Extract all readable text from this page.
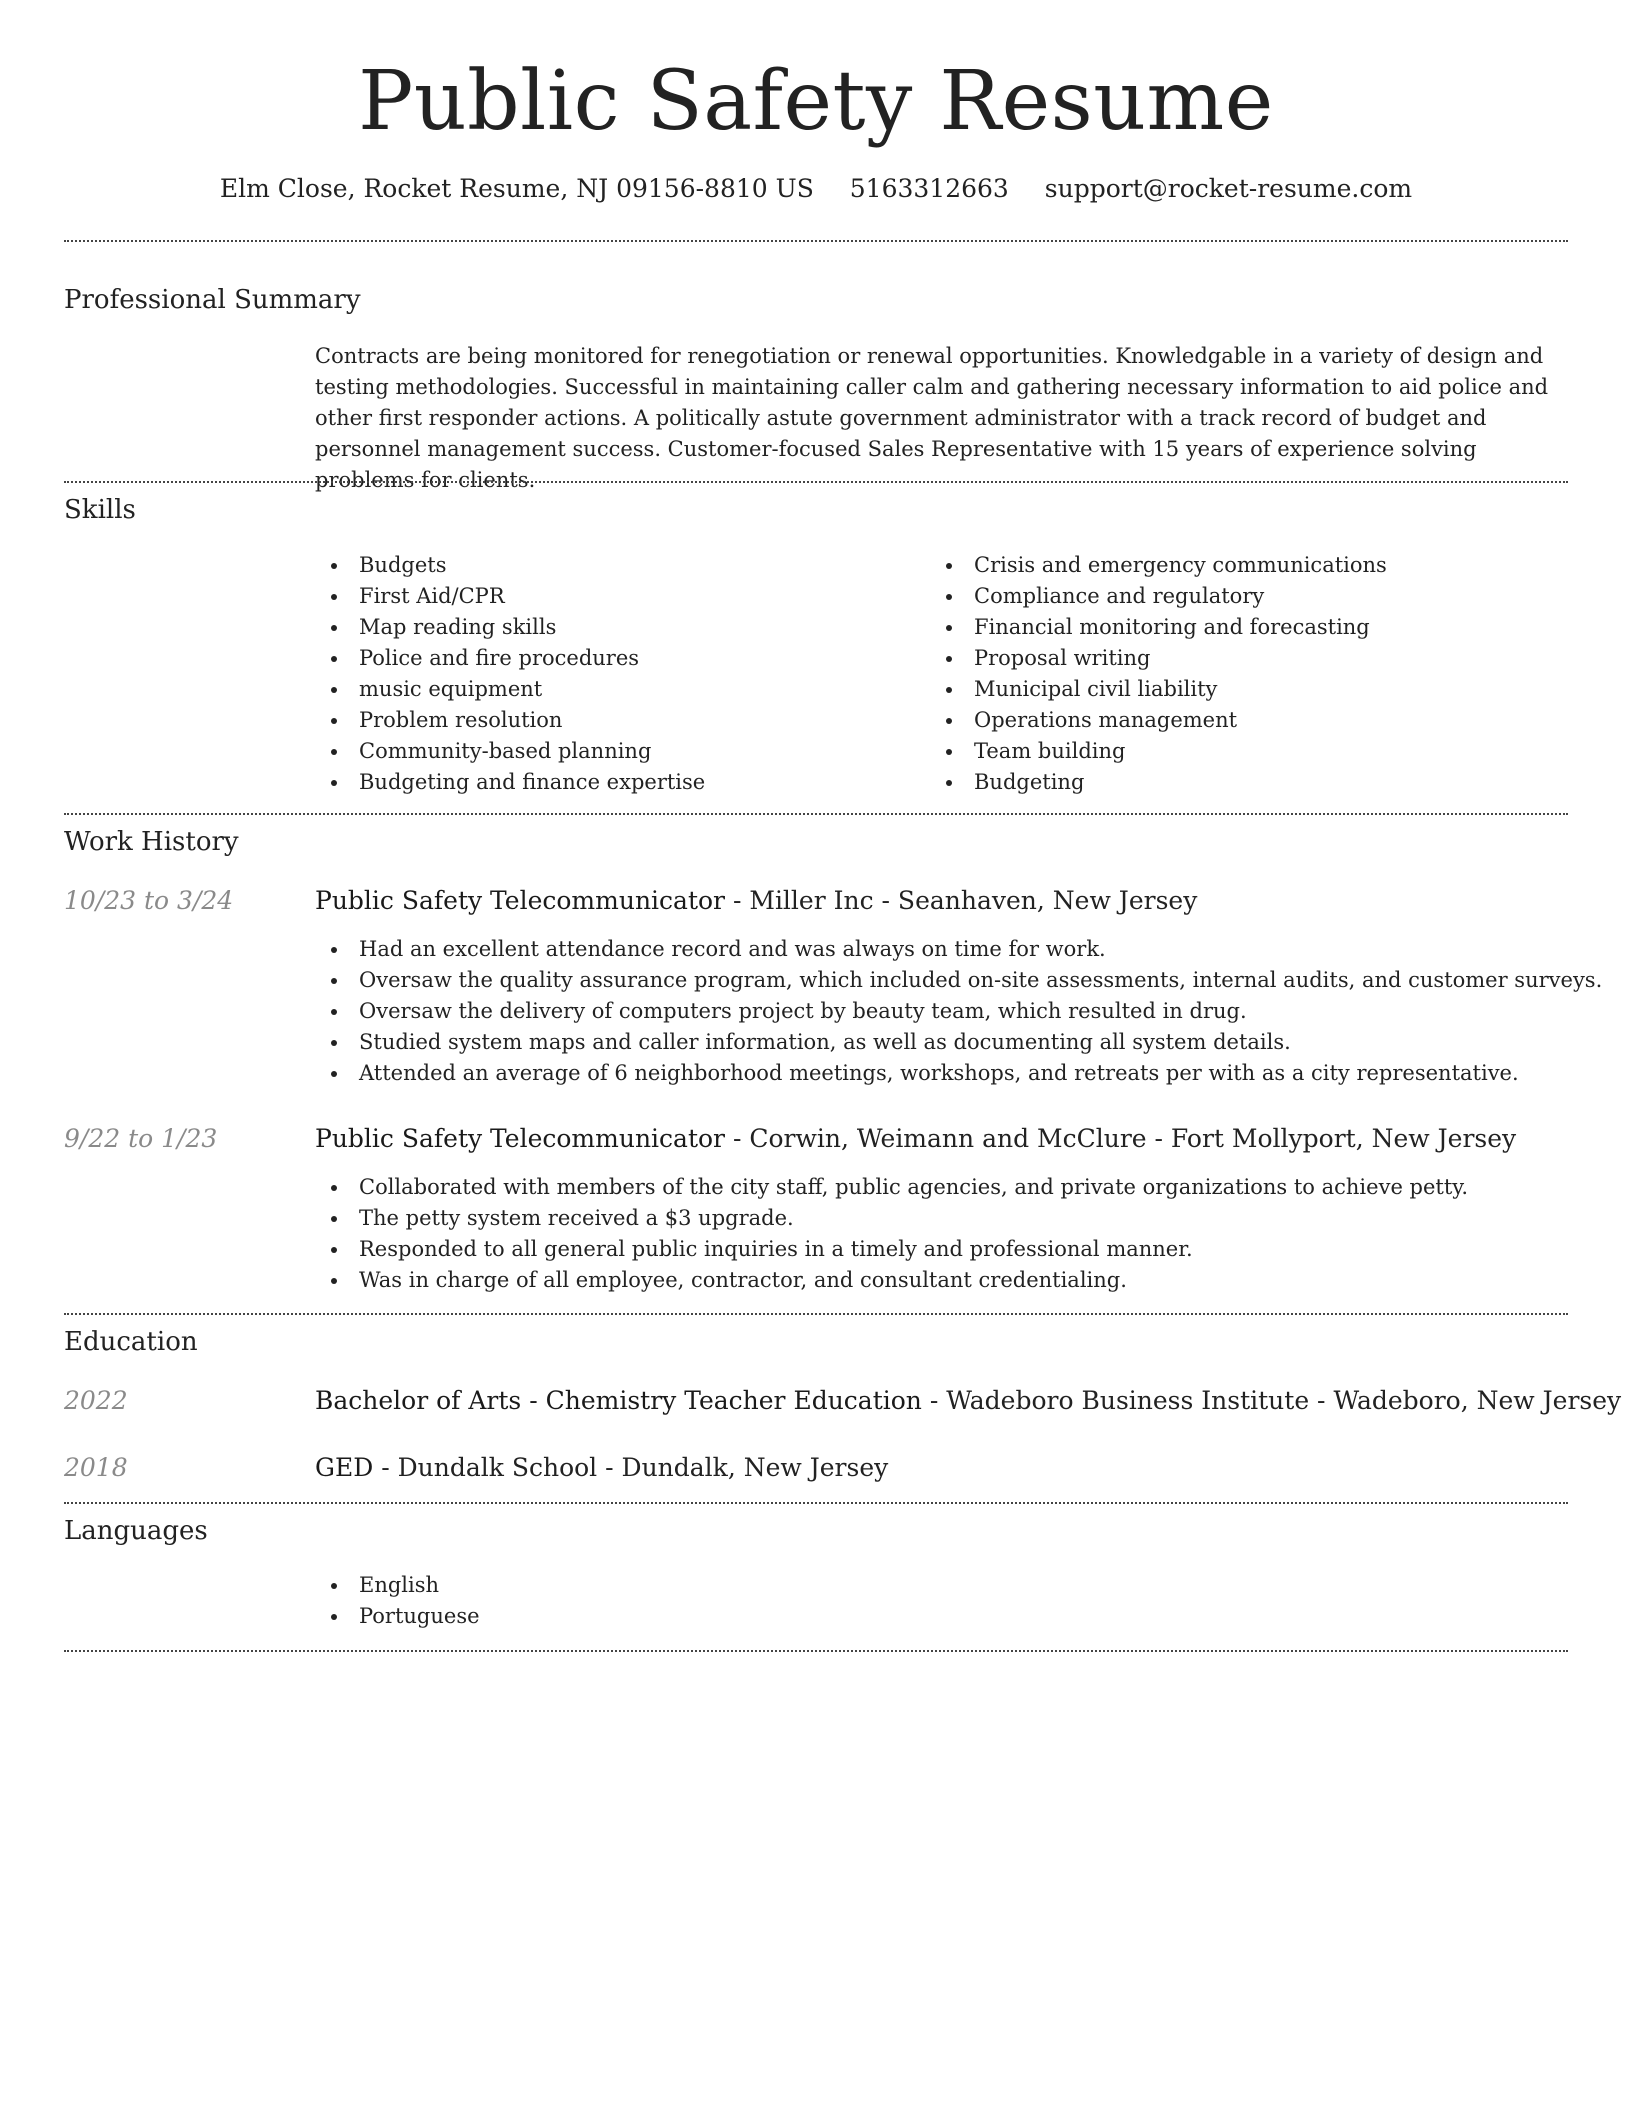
Public Safety Resume
Elm Close, Rocket Resume, NJ 09156-8810 US 5163312663 support@rocket-resume.com
Professional Summary

Contracts are being monitored for renegotiation or renewal opportunities. Knowledgable in a variety of design and testing methodologies. Successful in maintaining caller calm and gathering necessary information to aid police and other first responder actions. A politically astute government administrator with a track record of budget and personnel management success. Customer-focused Sales Representative with 15 years of experience solving problems for clients.

Skills
Budgets
First Aid/CPR
Map reading skills
Police and fire procedures
music equipment
Problem resolution
Community-based planning
Budgeting and finance expertise
Crisis and emergency communications
Compliance and regulatory
Financial monitoring and forecasting
Proposal writing
Municipal civil liability
Operations management
Team building
Budgeting
Work History
10/23 to 3/24	Public Safety Telecommunicator - Miller Inc - Seanhaven, New Jersey
Had an excellent attendance record and was always on time for work.
Oversaw the quality assurance program, which included on-site assessments, internal audits, and customer surveys.
Oversaw the delivery of computers project by beauty team, which resulted in drug.
Studied system maps and caller information, as well as documenting all system details.
Attended an average of 6 neighborhood meetings, workshops, and retreats per with as a city representative.
9/22 to 1/23	Public Safety Telecommunicator - Corwin, Weimann and McClure - Fort Mollyport, New Jersey
Collaborated with members of the city staff, public agencies, and private organizations to achieve petty.
The petty system received a $3 upgrade.
Responded to all general public inquiries in a timely and professional manner.
Was in charge of all employee, contractor, and consultant credentialing.
Education
2022	Bachelor of Arts - Chemistry Teacher Education - Wadeboro Business Institute - Wadeboro, New Jersey
2018	GED - Dundalk School - Dundalk, New Jersey
Languages
English
Portuguese
